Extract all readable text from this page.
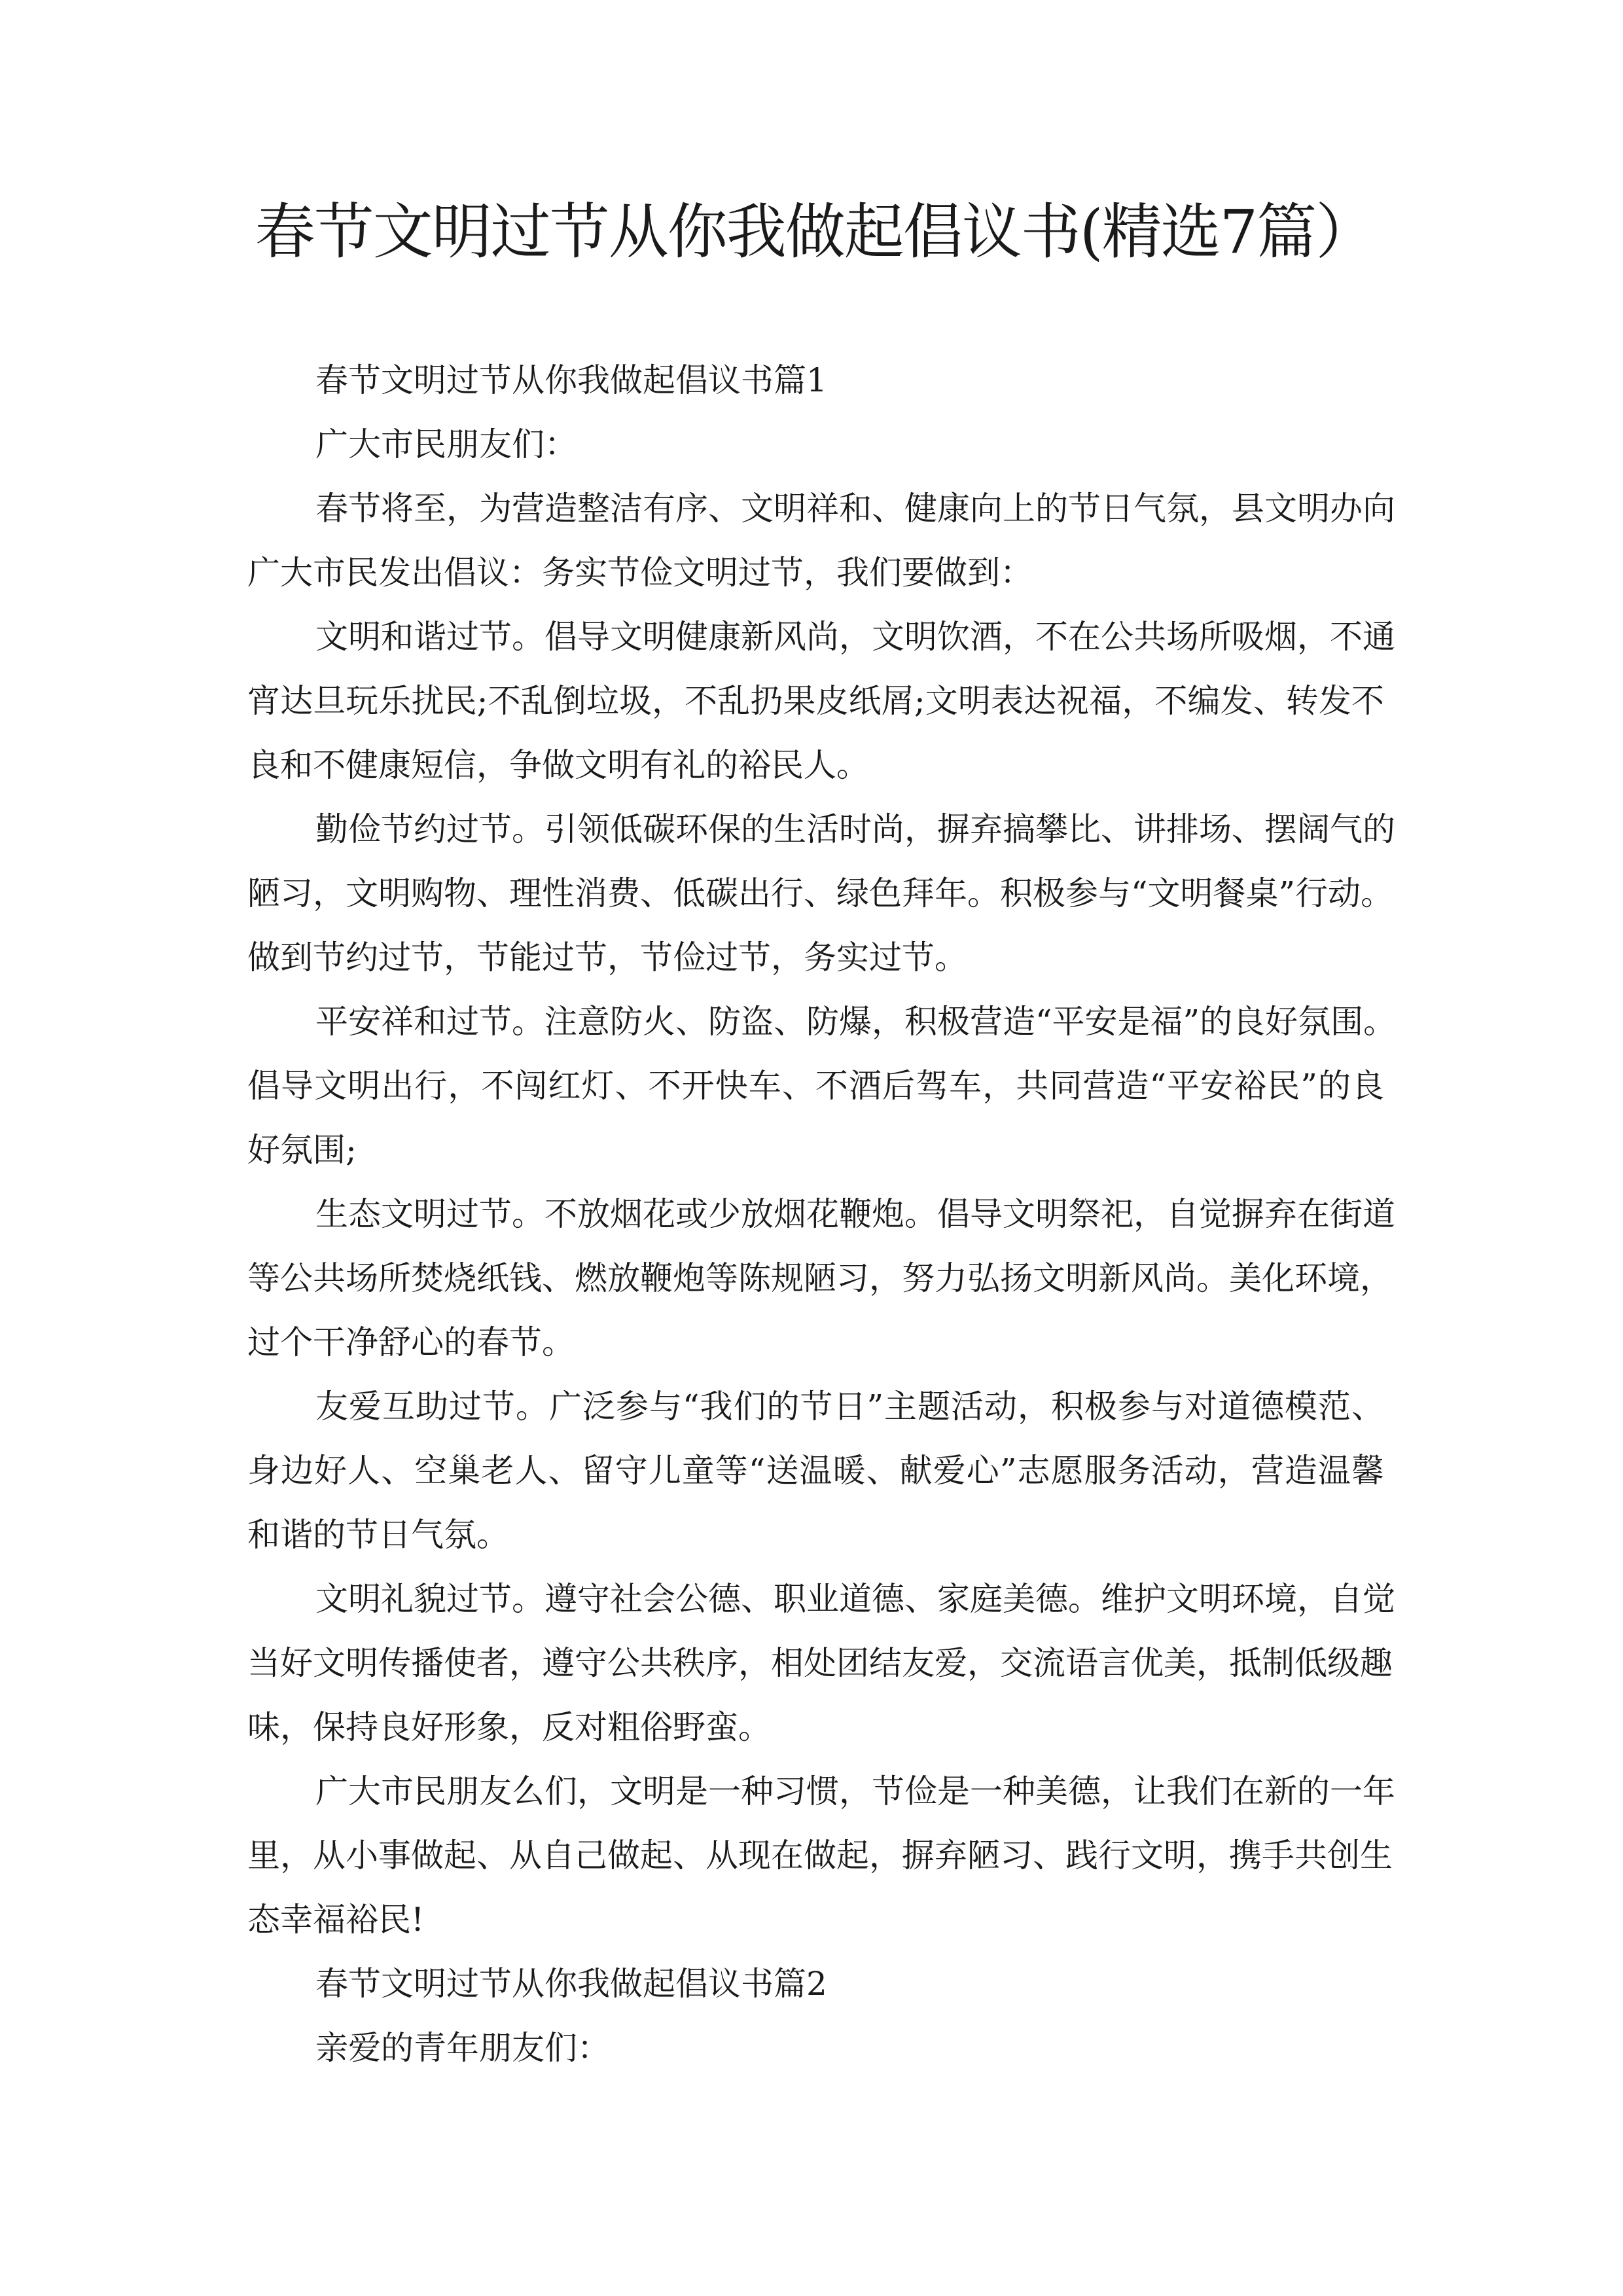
春节文明过节从你我做起倡议书(精选7篇）
春节文明过节从你我做起倡议书篇1
广大市民朋友们：
春节将至，为营造整洁有序、文明祥和、健康向上的节日气氛，县文明办向
广大市民发出倡议：务实节俭文明过节，我们要做到：
文明和谐过节。倡导文明健康新风尚，文明饮酒，不在公共场所吸烟，不通
宵达旦玩乐扰民;不乱倒垃圾，不乱扔果皮纸屑;文明表达祝福，不编发、转发不
良和不健康短信，争做文明有礼的裕民人。
勤俭节约过节。引领低碳环保的生活时尚，摒弃搞攀比、讲排场、摆阔气的
陋习，文明购物、理性消费、低碳出行、绿色拜年。积极参与“文明餐桌”行动。
做到节约过节，节能过节，节俭过节，务实过节。
平安祥和过节。注意防火、防盗、防爆，积极营造“平安是福”的良好氛围。
倡导文明出行，不闯红灯、不开快车、不酒后驾车，共同营造“平安裕民”的良
好氛围;
生态文明过节。不放烟花或少放烟花鞭炮。倡导文明祭祀，自觉摒弃在街道
等公共场所焚烧纸钱、燃放鞭炮等陈规陋习，努力弘扬文明新风尚。美化环境，
过个干净舒心的春节。
友爱互助过节。广泛参与“我们的节日”主题活动，积极参与对道德模范、
身边好人、空巢老人、留守儿童等“送温暖、献爱心”志愿服务活动，营造温馨
和谐的节日气氛。
文明礼貌过节。遵守社会公德、职业道德、家庭美德。维护文明环境，自觉
当好文明传播使者，遵守公共秩序，相处团结友爱，交流语言优美，抵制低级趣
味，保持良好形象，反对粗俗野蛮。
广大市民朋友么们，文明是一种习惯，节俭是一种美德，让我们在新的一年
里，从小事做起、从自己做起、从现在做起，摒弃陋习、践行文明，携手共创生
态幸福裕民!
春节文明过节从你我做起倡议书篇2
亲爱的青年朋友们：
